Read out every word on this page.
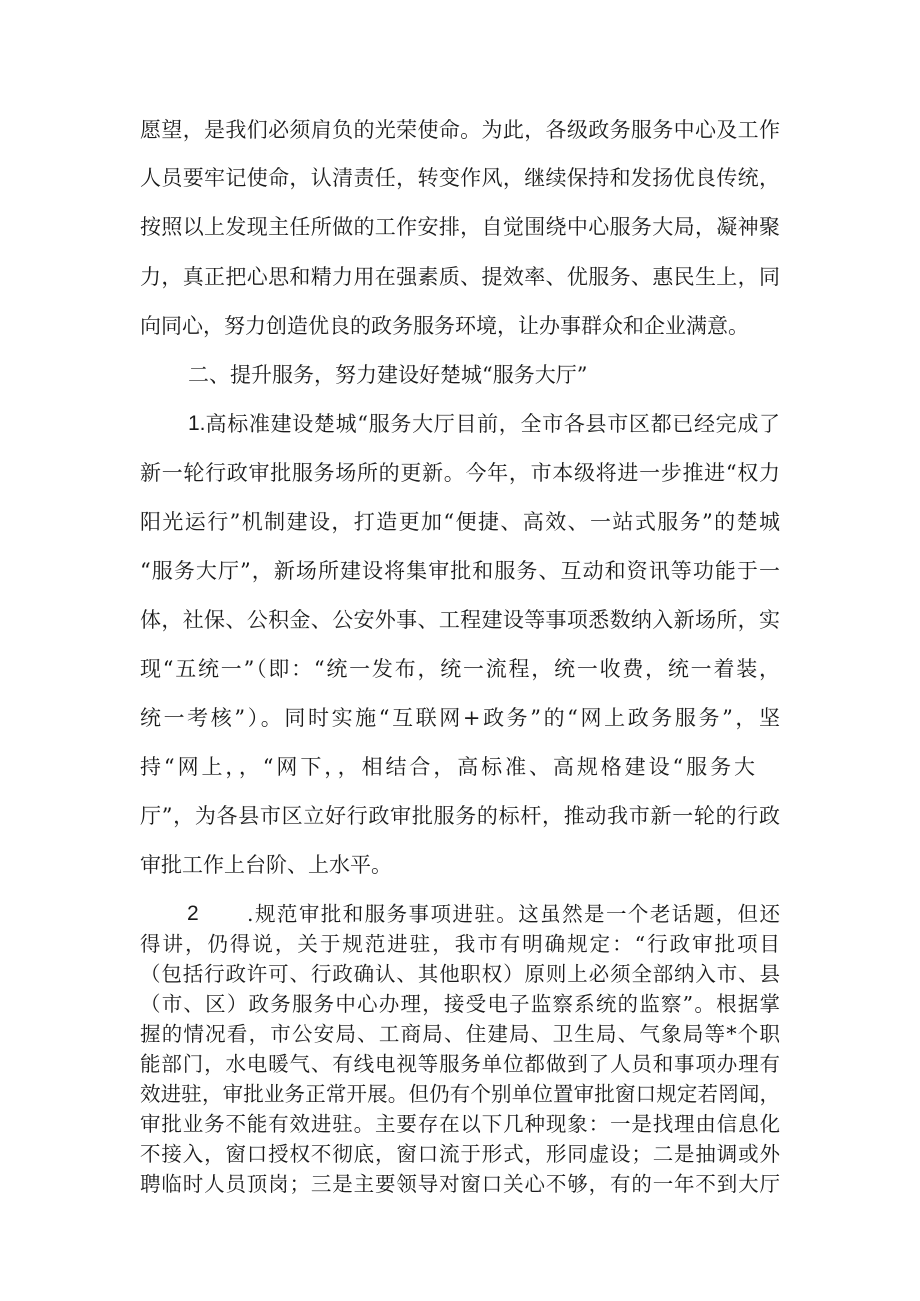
愿望，是我们必须肩负的光荣使命。为此，各级政务服务中心及工作
人员要牢记使命，认清责任，转变作风，继续保持和发扬优良传统，
按照以上发现主任所做的工作安排，自觉围绕中心服务大局，凝神聚
力，真正把心思和精力用在强素质、提效率、优服务、惠民生上，同
向同心，努力创造优良的政务服务环境，让办事群众和企业满意。
二、提升服务，努力建设好楚城“服务大厅”
1. 高标准建设楚城“服务大厅目前，全市各县市区都已经完成了
新一轮行政审批服务场所的更新。今年，市本级将进一步推进“权力
阳光运行”机制建设，打造更加“便捷、高效、一站式服务”的楚城
“服务大厅”，新场所建设将集审批和服务、互动和资讯等功能于一
体，社保、公积金、公安外事、工程建设等事项悉数纳入新场所，实
现“五统一”（即：“统一发布，统一流程，统一收费，统一着装，
统一考核”）。同时实施“互联网+政务”的“网上政务服务”，坚
持“网上，，“网下，，相结合，高标准、高规格建设“服务大
厅”，为各县市区立好行政审批服务的标杆，推动我市新一轮的行政
审批工作上台阶、上水平。
2	.规范审批和服务事项进驻。这虽然是一个老话题，但还
得讲，仍得说，关于规范进驻，我市有明确规定：“行政审批项目
（包括行政许可、行政确认、其他职权）原则上必须全部纳入市、县
（市、区）政务服务中心办理，接受电子监察系统的监察”。根据掌
握的情况看，市公安局、工商局、住建局、卫生局、气象局等*个职
能部门，水电暖气、有线电视等服务单位都做到了人员和事项办理有
效进驻，审批业务正常开展。但仍有个别单位置审批窗口规定若罔闻，
审批业务不能有效进驻。主要存在以下几种现象：一是找理由信息化
不接入，窗口授权不彻底，窗口流于形式，形同虚设；二是抽调或外
聘临时人员顶岗；三是主要领导对窗口关心不够，有的一年不到大厅
